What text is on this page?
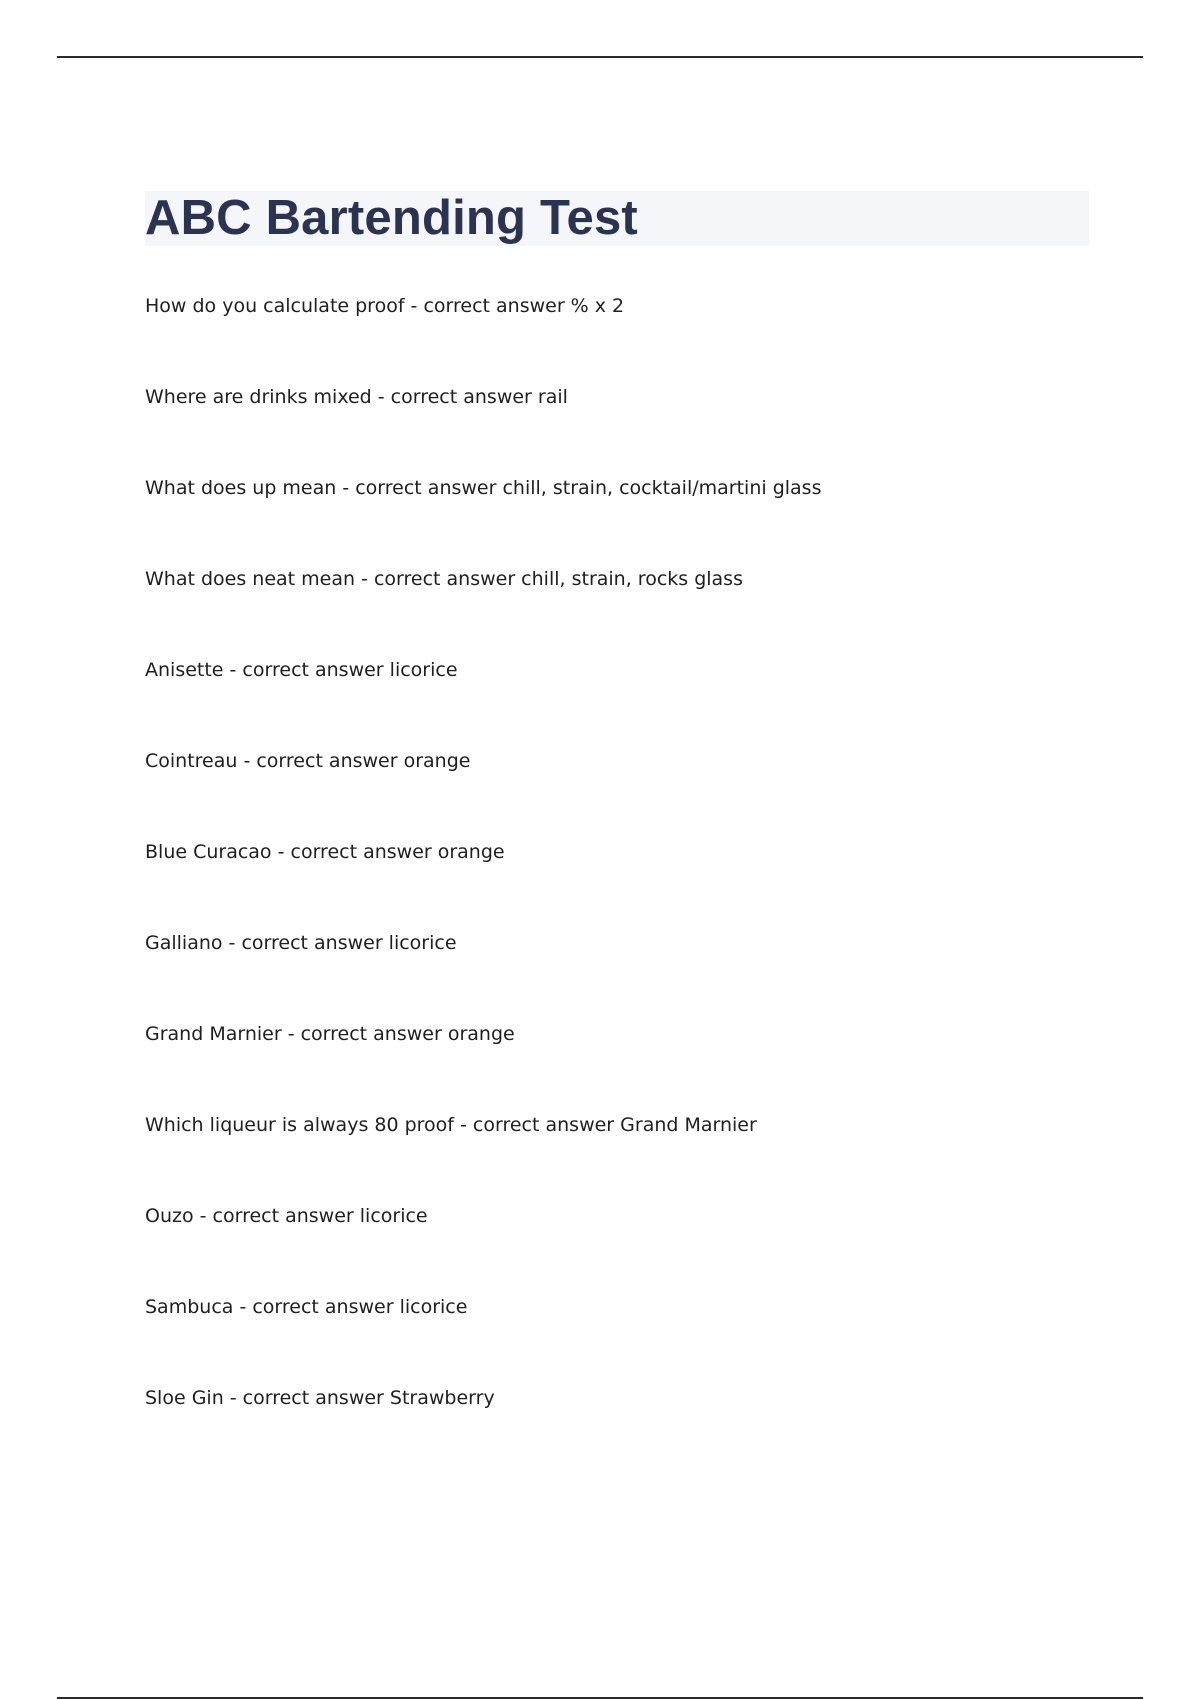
ABC Bartending Test
How do you calculate proof - correct answer % x 2
Where are drinks mixed - correct answer rail
What does up mean - correct answer chill, strain, cocktail/martini glass
What does neat mean - correct answer chill, strain, rocks glass
Anisette - correct answer licorice
Cointreau - correct answer orange
Blue Curacao - correct answer orange
Galliano - correct answer licorice
Grand Marnier - correct answer orange
Which liqueur is always 80 proof - correct answer Grand Marnier
Ouzo - correct answer licorice
Sambuca - correct answer licorice
Sloe Gin - correct answer Strawberry
